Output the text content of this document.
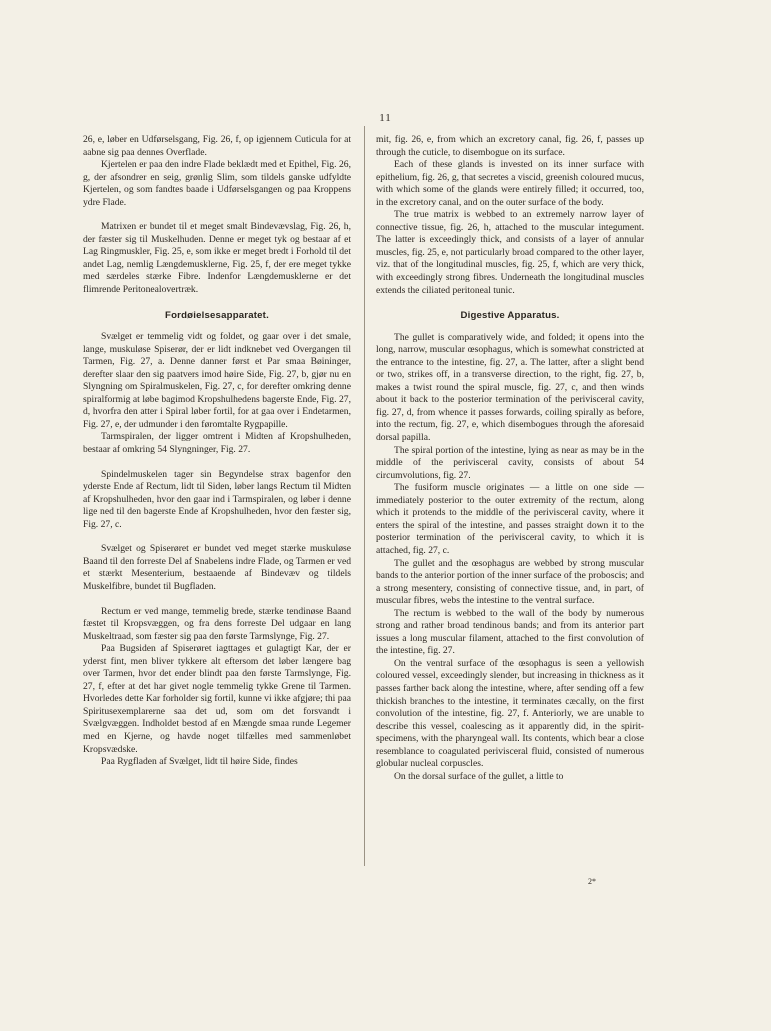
11

26, e, løber en Udførselsgang, Fig. 26, f, op igjennem Cuticula for at aabne sig paa dennes Overflade.

Kjertelen er paa den indre Flade beklædt med et Epithel, Fig. 26, g, der afsondrer en seig, grønlig Slim, som tildels ganske udfyldte Kjertelen, og som fandtes baade i Udførselsgangen og paa Kroppens ydre Flade.

Matrixen er bundet til et meget smalt Bindevævslag, Fig. 26, h, der fæster sig til Muskelhuden. Denne er meget tyk og bestaar af et Lag Ringmuskler, Fig. 25, e, som ikke er meget bredt i Forhold til det andet Lag, nemlig Længdemusklerne, Fig. 25, f, der ere meget tykke med særdeles stærke Fibre. Indenfor Længdemusklerne er det flimrende Peritonealovertræk.

Fordøielsesapparatet.

Svælget er temmelig vidt og foldet, og gaar over i det smale, lange, muskuløse Spiserør, der er lidt indknebet ved Overgangen til Tarmen, Fig. 27, a. Denne danner først et Par smaa Bøininger, derefter slaar den sig paatvers imod høire Side, Fig. 27, b, gjør nu en Slyngning om Spiralmuskelen, Fig. 27, c, for derefter omkring denne spiralformig at løbe bagimod Kropshulhedens bagerste Ende, Fig. 27, d, hvorfra den atter i Spiral løber fortil, for at gaa over i Endetarmen, Fig. 27, e, der udmunder i den føromtalte Rygpapille.

Tarmspiralen, der ligger omtrent i Midten af Kropshulheden, bestaar af omkring 54 Slyngninger, Fig. 27.

Spindelmuskelen tager sin Begyndelse strax bagenfor den yderste Ende af Rectum, lidt til Siden, løber langs Rectum til Midten af Kropshulheden, hvor den gaar ind i Tarmspiralen, og løber i denne lige ned til den bagerste Ende af Kropshulheden, hvor den fæster sig, Fig. 27, c.

Svælget og Spiserøret er bundet ved meget stærke muskuløse Baand til den forreste Del af Snabelens indre Flade, og Tarmen er ved et stærkt Mesenterium, bestaaende af Bindevæv og tildels Muskelfibre, bundet til Bugfladen.

Rectum er ved mange, temmelig brede, stærke tendinøse Baand fæstet til Kropsvæggen, og fra dens forreste Del udgaar en lang Muskeltraad, som fæster sig paa den første Tarmslynge, Fig. 27.

Paa Bugsiden af Spiserøret iagttages et gulagtigt Kar, der er yderst fint, men bliver tykkere alt eftersom det løber længere bag over Tarmen, hvor det ender blindt paa den første Tarmslynge, Fig. 27, f, efter at det har givet nogle temmelig tykke Grene til Tarmen. Hvorledes dette Kar forholder sig fortil, kunne vi ikke afgjøre; thi paa Spiritusexemplarerne saa det ud, som om det forsvandt i Svælgvæggen. Indholdet bestod af en Mængde smaa runde Legemer med en Kjerne, og havde noget tilfælles med sammenløbet Kropsvædske.

Paa Rygfladen af Svælget, lidt til høire Side, findes

mit, fig. 26, e, from which an excretory canal, fig. 26, f, passes up through the cuticle, to disembogue on its surface.

Each of these glands is invested on its inner surface with epithelium, fig. 26, g, that secretes a viscid, greenish coloured mucus, with which some of the glands were entirely filled; it occurred, too, in the excretory canal, and on the outer surface of the body.

The true matrix is webbed to an extremely narrow layer of connective tissue, fig. 26, h, attached to the muscular integument. The latter is exceedingly thick, and consists of a layer of annular muscles, fig. 25, e, not particularly broad compared to the other layer, viz. that of the longitudinal muscles, fig. 25, f, which are very thick, with exceedingly strong fibres. Underneath the longitudinal muscles extends the ciliated peritoneal tunic.

Digestive Apparatus.

The gullet is comparatively wide, and folded; it opens into the long, narrow, muscular œsophagus, which is somewhat constricted at the entrance to the intestine, fig. 27, a. The latter, after a slight bend or two, strikes off, in a transverse direction, to the right, fig. 27, b, makes a twist round the spiral muscle, fig. 27, c, and then winds about it back to the posterior termination of the perivisceral cavity, fig. 27, d, from whence it passes forwards, coiling spirally as before, into the rectum, fig. 27, e, which disembogues through the aforesaid dorsal papilla.

The spiral portion of the intestine, lying as near as may be in the middle of the perivisceral cavity, consists of about 54 circumvolutions, fig. 27.

The fusiform muscle originates — a little on one side — immediately posterior to the outer extremity of the rectum, along which it protends to the middle of the perivisceral cavity, where it enters the spiral of the intestine, and passes straight down it to the posterior termination of the perivisceral cavity, to which it is attached, fig. 27, c.

The gullet and the œsophagus are webbed by strong muscular bands to the anterior portion of the inner surface of the proboscis; and a strong mesentery, consisting of connective tissue, and, in part, of muscular fibres, webs the intestine to the ventral surface.

The rectum is webbed to the wall of the body by numerous strong and rather broad tendinous bands; and from its anterior part issues a long muscular filament, attached to the first convolution of the intestine, fig. 27.

On the ventral surface of the œsophagus is seen a yellowish coloured vessel, exceedingly slender, but increasing in thickness as it passes farther back along the intestine, where, after sending off a few thickish branches to the intestine, it terminates cæcally, on the first convolution of the intestine, fig. 27, f. Anteriorly, we are unable to describe this vessel, coalescing as it apparently did, in the spirit-specimens, with the pharyngeal wall. Its contents, which bear a close resemblance to coagulated perivisceral fluid, consisted of numerous globular nucleal corpuscles.

On the dorsal surface of the gullet, a little to

2*
